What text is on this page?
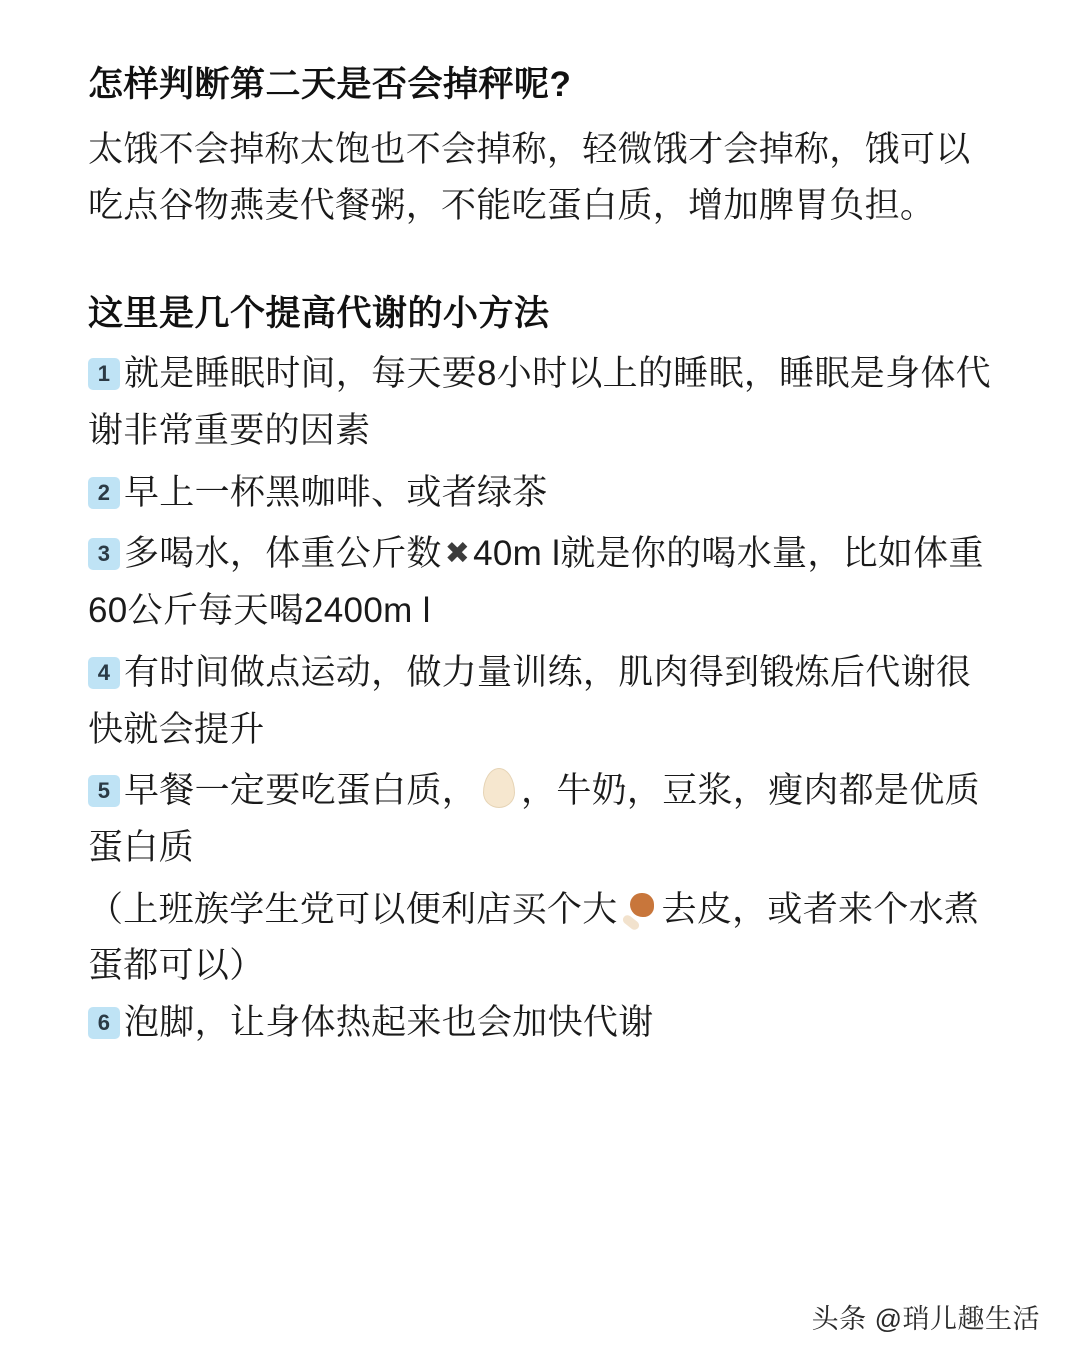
怎样判断第二天是否会掉秤呢?

太饿不会掉称太饱也不会掉称，轻微饿才会掉称，饿可以吃点谷物燕麦代餐粥，不能吃蛋白质，增加脾胃负担。

这里是几个提高代谢的小方法
1 就是睡眠时间，每天要8小时以上的睡眠，睡眠是身体代谢非常重要的因素
2 早上一杯黑咖啡、或者绿茶
3 多喝水，体重公斤数 ✖40m l就是你的喝水量，比如体重60公斤每天喝2400m l
4 有时间做点运动，做力量训练，肌肉得到锻炼后代谢很快就会提升
5 早餐一定要吃蛋白质， ，牛奶，豆浆，瘦肉都是优质蛋白质

（上班族学生党可以便利店买个大 去皮，或者来个水煮蛋都可以）

6 泡脚，让身体热起来也会加快代谢
头条 @琑儿趣生活
